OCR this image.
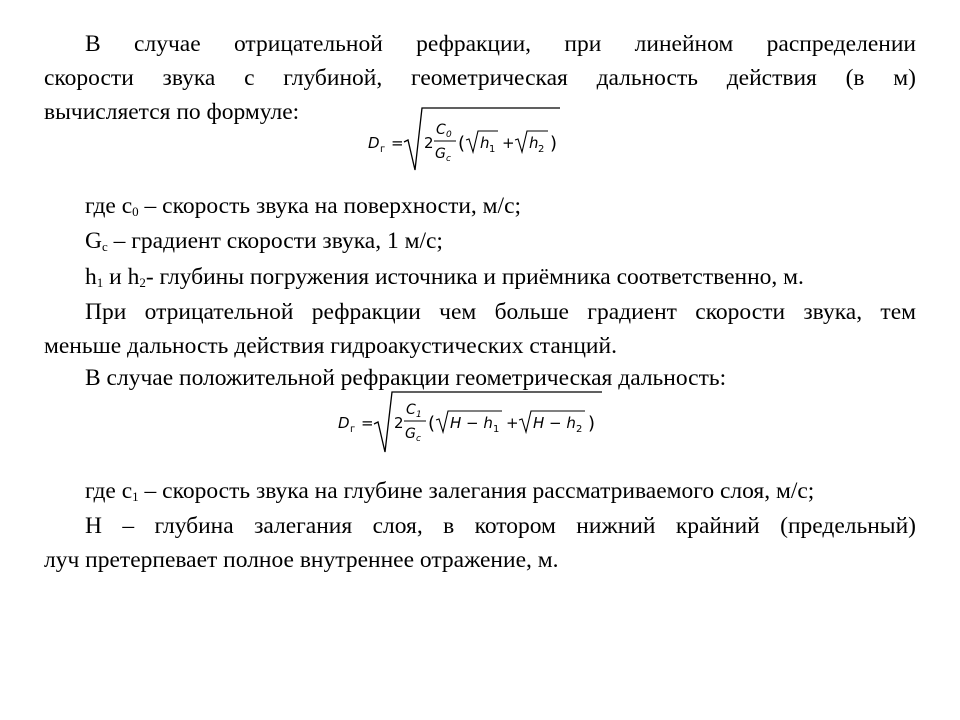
В случае отрицательной рефракции, при линейном распределении
скорости звука с глубиной, геометрическая дальность действия (в м)
вычисляется по формуле:
D г = 2
C 0
G c
( h 1 + h 2 )
где $с_0$ – скорость звука на поверхности, м/с;
$G_c$ – градиент скорости звука, 1 м/с;
$h_1$ и $h_2-$ глубины погружения источника и приёмника соответственно, м.
При отрицательной рефракции чем больше градиент скорости звука, тем
меньше дальность действия гидроакустических станций.
В случае положительной рефракции геометрическая дальность:
D г = 2
C 1
G c
( H − h 1 + H − h 2 )
где $с_1$ – скорость звука на глубине залегания рассматриваемого слоя, м/с;
Н – глубина залегания слоя, в котором нижний крайний (предельный)
луч претерпевает полное внутреннее отражение, м.
